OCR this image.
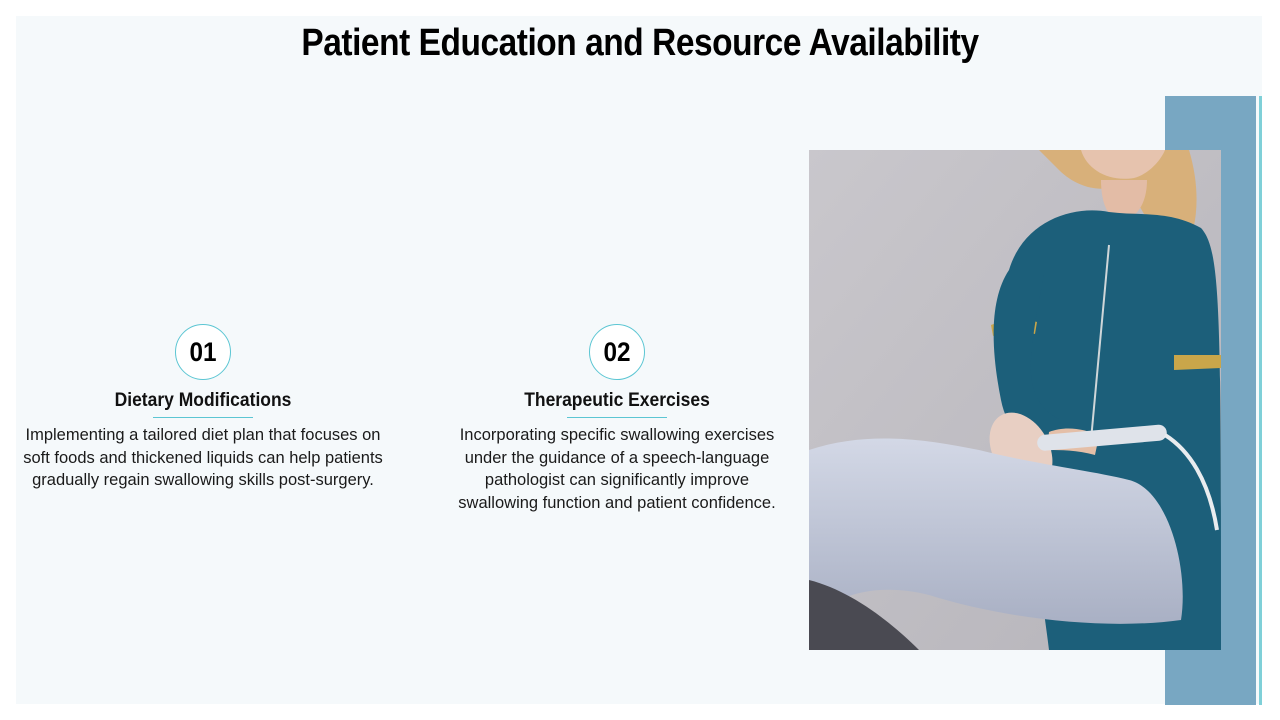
Patient Education and Resource Availability
01
Dietary Modifications
Implementing a tailored diet plan that focuses on soft foods and thickened liquids can help patients gradually regain swallowing skills post-surgery.
02
Therapeutic Exercises
Incorporating specific swallowing exercises under the guidance of a speech-language pathologist can significantly improve swallowing function and patient confidence.
